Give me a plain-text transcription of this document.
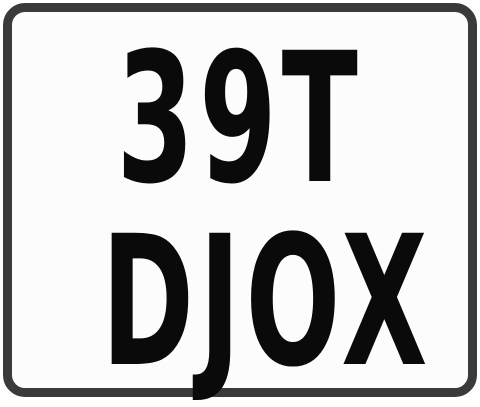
39T
DJOX
